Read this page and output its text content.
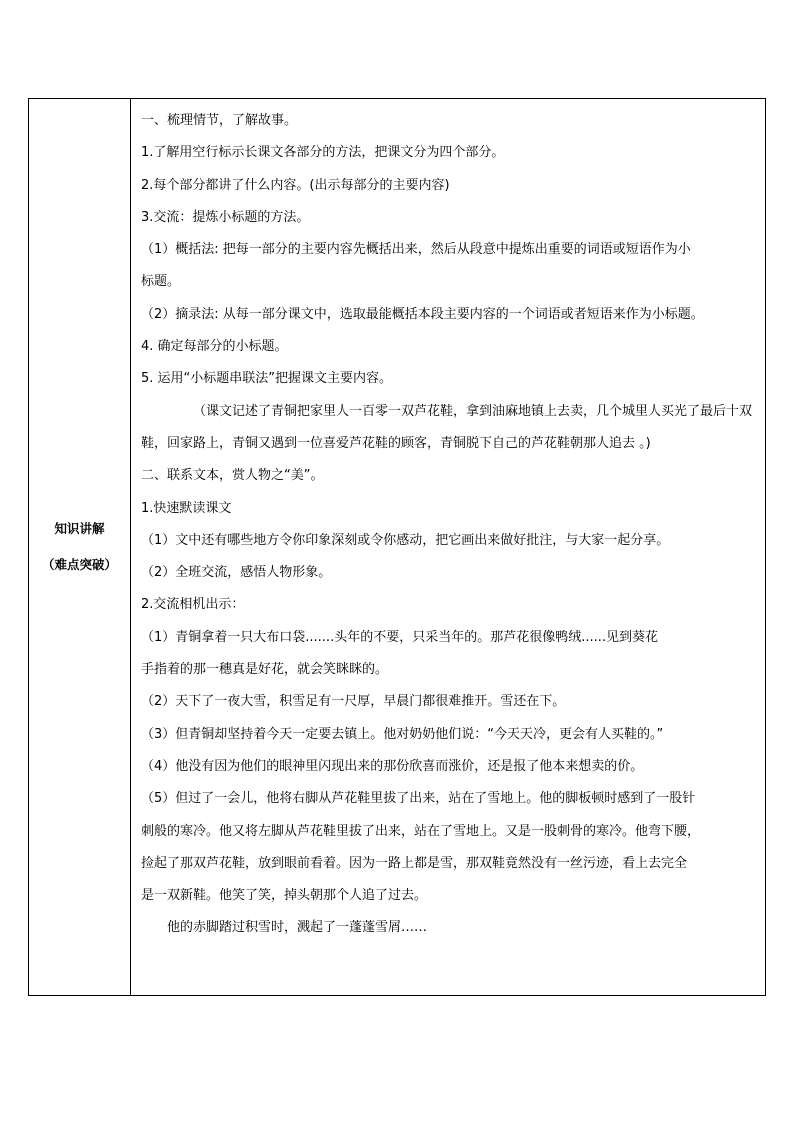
知识讲解
（难点突破）

一、梳理情节，了解故事。

1.了解用空行标示长课文各部分的方法，把课文分为四个部分。

2.每个部分都讲了什么内容。(出示每部分的主要内容)

3.交流：提炼小标题的方法。

（1）概括法: 把每一部分的主要内容先概括出来，然后从段意中提炼出重要的词语或短语作为小

标题。

（2）摘录法: 从每一部分课文中，选取最能概括本段主要内容的一个词语或者短语来作为小标题。

4. 确定每部分的小标题。

5. 运用“小标题串联法”把握课文主要内容。

（课文记述了青铜把家里人一百零一双芦花鞋，拿到油麻地镇上去卖，几个城里人买光了最后十双鞋，回家路上，青铜又遇到一位喜爱芦花鞋的顾客，青铜脱下自己的芦花鞋朝那人追去 。)

二、联系文本，赏人物之“美”。

1.快速默读课文

（1）文中还有哪些地方令你印象深刻或令你感动，把它画出来做好批注，与大家一起分享。

（2）全班交流，感悟人物形象。

2.交流相机出示：

（1）青铜拿着一只大布口袋.......头年的不要，只采当年的。那芦花很像鸭绒......见到葵花

手指着的那一穗真是好花，就会笑眯眯的。

（2）天下了一夜大雪，积雪足有一尺厚，早晨门都很难推开。雪还在下。

（3）但青铜却坚持着今天一定要去镇上。他对奶奶他们说：“今天天冷，更会有人买鞋的。”

（4）他没有因为他们的眼神里闪现出来的那份欣喜而涨价，还是报了他本来想卖的价。

（5）但过了一会儿，他将右脚从芦花鞋里拔了出来，站在了雪地上。他的脚板顿时感到了一股针

刺般的寒冷。他又将左脚从芦花鞋里拔了出来，站在了雪地上。又是一股刺骨的寒冷。他弯下腰，

捡起了那双芦花鞋，放到眼前看着。因为一路上都是雪，那双鞋竟然没有一丝污迹，看上去完全

是一双新鞋。他笑了笑，掉头朝那个人追了过去。

他的赤脚踏过积雪时，溅起了一蓬蓬雪屑……
